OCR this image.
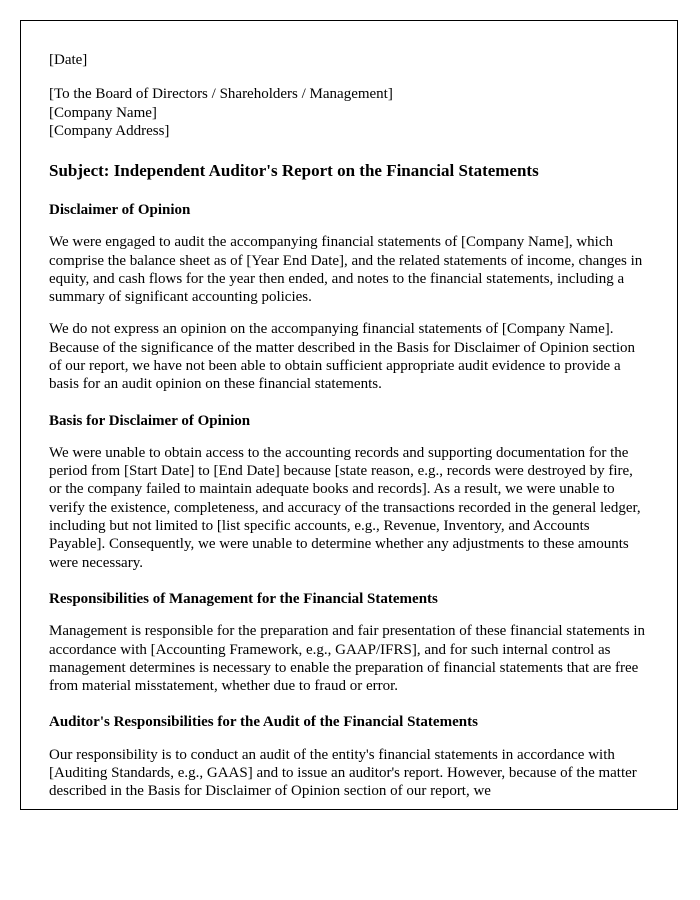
[Date]

[To the Board of Directors / Shareholders / Management]

[Company Name]

[Company Address]

Subject: Independent Auditor's Report on the Financial Statements

Disclaimer of Opinion

We were engaged to audit the accompanying financial statements of [Company Name], which comprise the balance sheet as of [Year End Date], and the related statements of income, changes in equity, and cash flows for the year then ended, and notes to the financial statements, including a summary of significant accounting policies.

We do not express an opinion on the accompanying financial statements of [Company Name]. Because of the significance of the matter described in the Basis for Disclaimer of Opinion section of our report, we have not been able to obtain sufficient appropriate audit evidence to provide a basis for an audit opinion on these financial statements.

Basis for Disclaimer of Opinion

We were unable to obtain access to the accounting records and supporting documentation for the period from [Start Date] to [End Date] because [state reason, e.g., records were destroyed by fire, or the company failed to maintain adequate books and records]. As a result, we were unable to verify the existence, completeness, and accuracy of the transactions recorded in the general ledger, including but not limited to [list specific accounts, e.g., Revenue, Inventory, and Accounts Payable]. Consequently, we were unable to determine whether any adjustments to these amounts were necessary.

Responsibilities of Management for the Financial Statements

Management is responsible for the preparation and fair presentation of these financial statements in accordance with [Accounting Framework, e.g., GAAP/IFRS], and for such internal control as management determines is necessary to enable the preparation of financial statements that are free from material misstatement, whether due to fraud or error.

Auditor's Responsibilities for the Audit of the Financial Statements

Our responsibility is to conduct an audit of the entity's financial statements in accordance with [Auditing Standards, e.g., GAAS] and to issue an auditor's report. However, because of the matter described in the Basis for Disclaimer of Opinion section of our report, we
